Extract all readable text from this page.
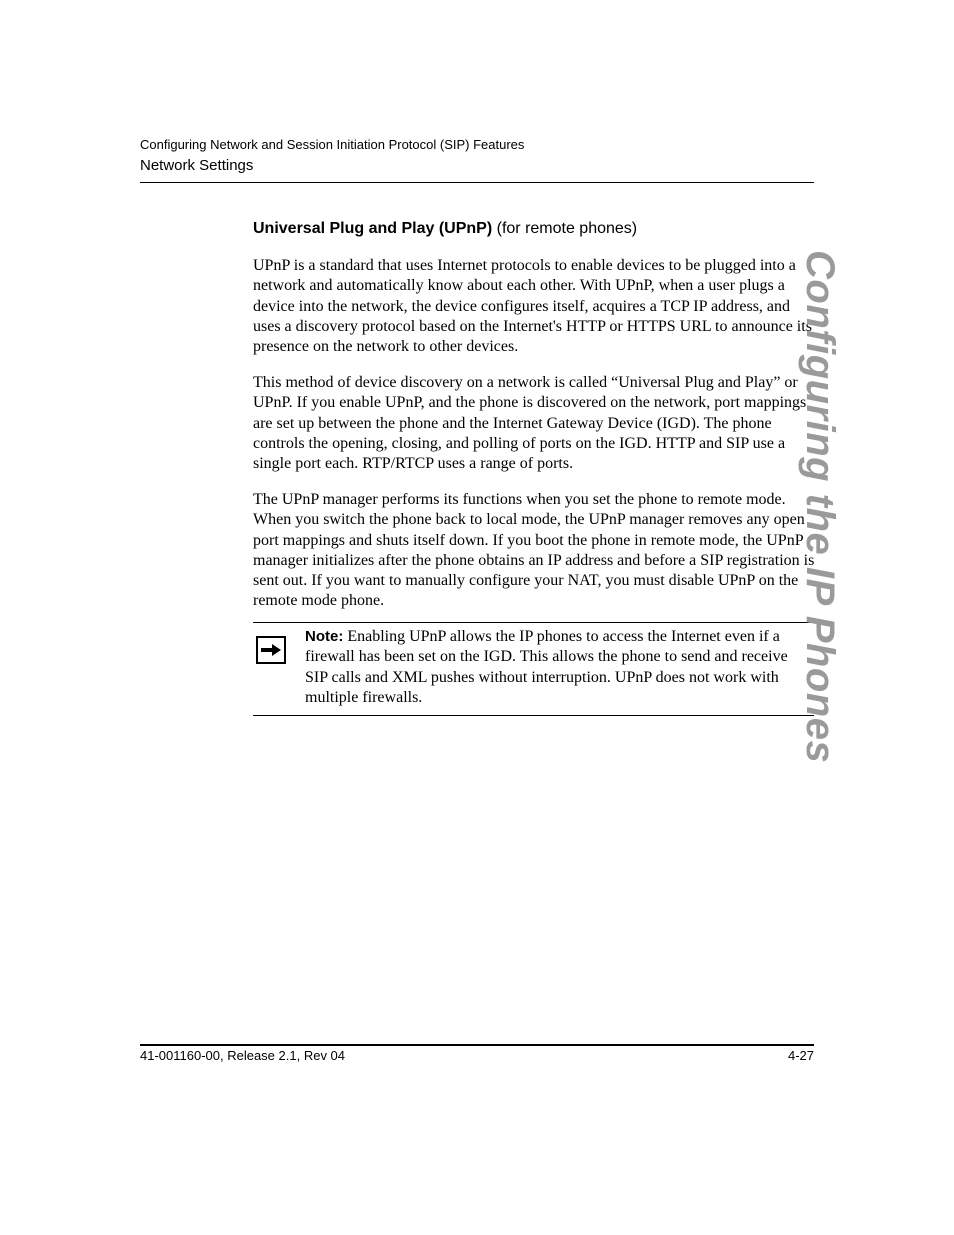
Configuring Network and Session Initiation Protocol (SIP) Features
Network Settings
Universal Plug and Play (UPnP) (for remote phones)

UPnP is a standard that uses Internet protocols to enable devices to be plugged into a network and automatically know about each other. With UPnP, when a user plugs a device into the network, the device configures itself, acquires a TCP IP address, and uses a discovery protocol based on the Internet's HTTP or HTTPS URL to announce its presence on the network to other devices.

This method of device discovery on a network is called “Universal Plug and Play” or UPnP. If you enable UPnP, and the phone is discovered on the network, port mappings are set up between the phone and the Internet Gateway Device (IGD). The phone controls the opening, closing, and polling of ports on the IGD. HTTP and SIP use a single port each. RTP/RTCP uses a range of ports.

The UPnP manager performs its functions when you set the phone to remote mode. When you switch the phone back to local mode, the UPnP manager removes any open port mappings and shuts itself down. If you boot the phone in remote mode, the UPnP manager initializes after the phone obtains an IP address and before a SIP registration is sent out. If you want to manually configure your NAT, you must disable UPnP on the remote mode phone.

Note: Enabling UPnP allows the IP phones to access the Internet even if a firewall has been set on the IGD. This allows the phone to send and receive SIP calls and XML pushes without interruption. UPnP does not work with multiple firewalls.	Configuring the IP Phones
41-001160-00, Release 2.1, Rev 04	4-27
